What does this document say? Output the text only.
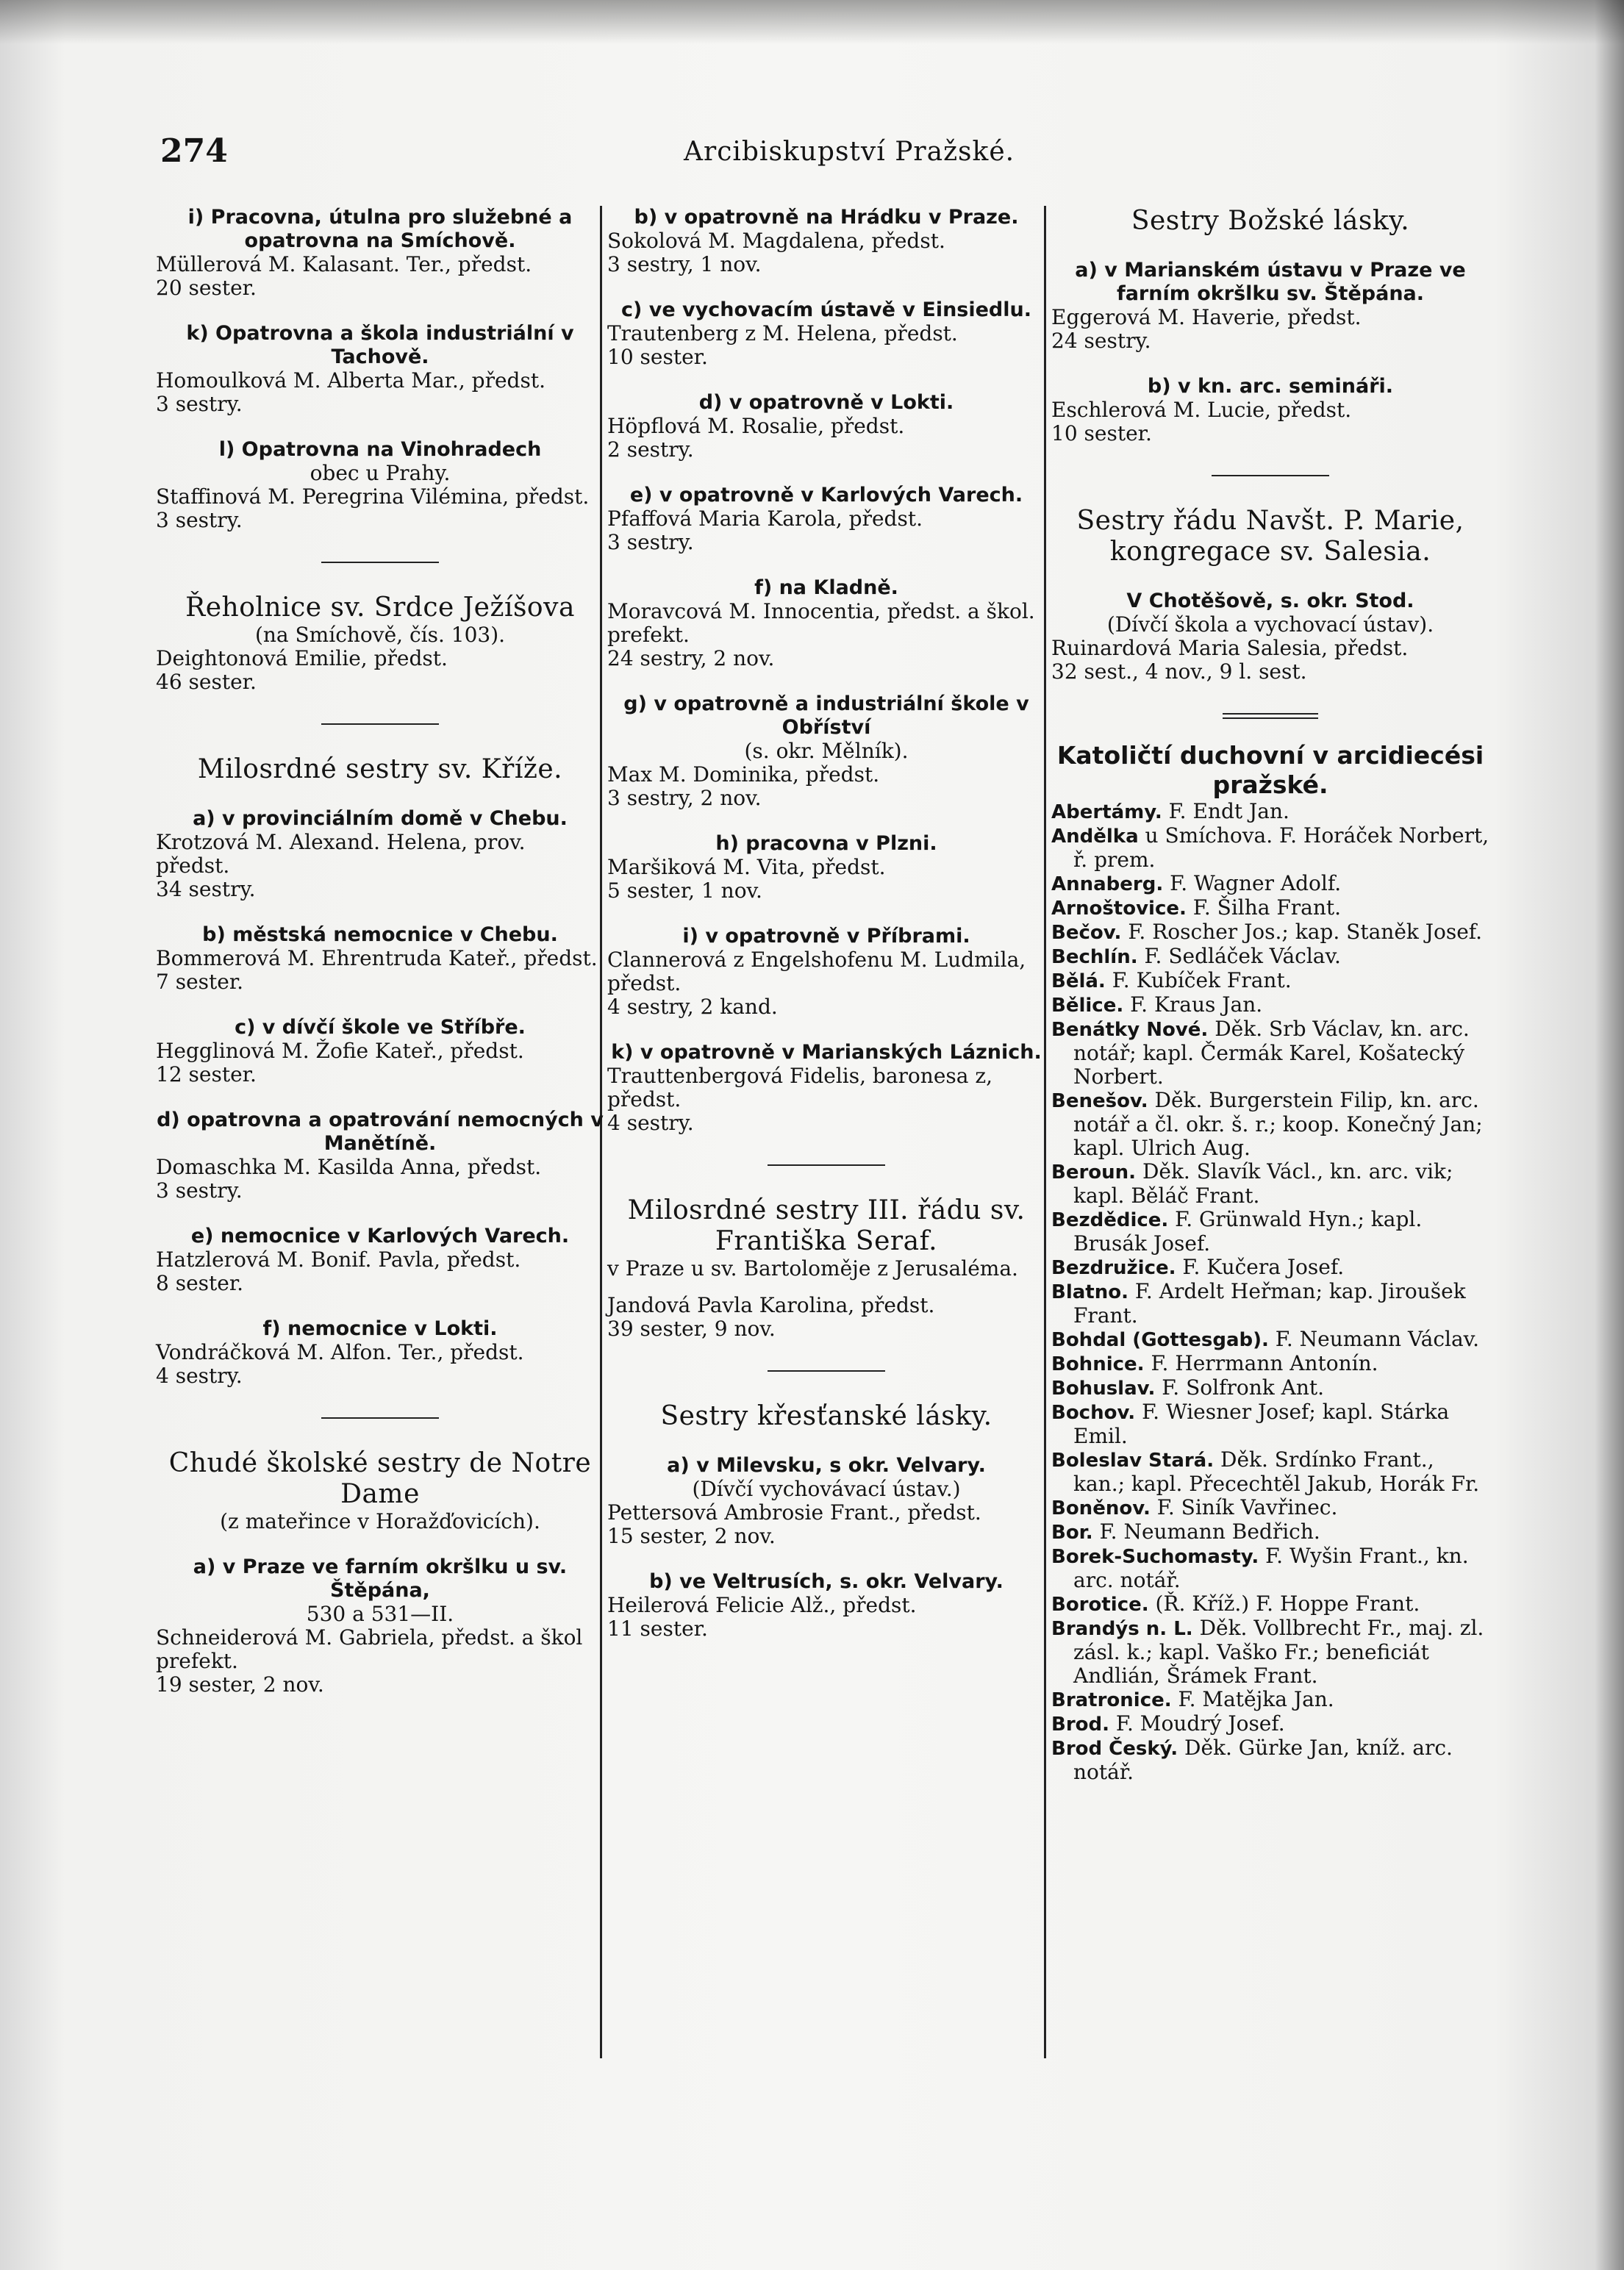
274	Arcibiskupství Pražské.
i) Pracovna, útulna pro služebné a opatrovna na Smíchově.
Müllerová M. Kalasant. Ter., předst.
20 sester.
k) Opatrovna a škola industriální v Tachově.
Homoulková M. Alberta Mar., předst.
3 sestry.
l) Opatrovna na Vinohradech
obec u Prahy.
Staffinová M. Peregrina Vilémina, předst.
3 sestry.
Řeholnice sv. Srdce Ježíšova
(na Smíchově, čís. 103).
Deightonová Emilie, předst.
46 sester.
Milosrdné sestry sv. Kříže.
a) v provinciálním domě v Chebu.
Krotzová M. Alexand. Helena, prov. předst.
34 sestry.
b) městská nemocnice v Chebu.
Bommerová M. Ehrentruda Kateř., předst.
7 sester.
c) v dívčí škole ve Stříbře.
Hegglinová M. Žofie Kateř., předst.
12 sester.
d) opatrovna a opatrování nemocných v Manětíně.
Domaschka M. Kasilda Anna, předst.
3 sestry.
e) nemocnice v Karlových Varech.
Hatzlerová M. Bonif. Pavla, předst.
8 sester.
f) nemocnice v Lokti.
Vondráčková M. Alfon. Ter., předst.
4 sestry.
Chudé školské sestry de Notre Dame
(z mateřince v Horažďovicích).
a) v Praze ve farním okršlku u sv. Štěpána,
530 a 531—II.
Schneiderová M. Gabriela, předst. a škol prefekt.
19 sester, 2 nov.
b) v opatrovně na Hrádku v Praze.
Sokolová M. Magdalena, předst.
3 sestry, 1 nov.
c) ve vychovacím ústavě v Einsiedlu.
Trautenberg z M. Helena, předst.
10 sester.
d) v opatrovně v Lokti.
Höpflová M. Rosalie, předst.
2 sestry.
e) v opatrovně v Karlových Varech.
Pfaffová Maria Karola, předst.
3 sestry.
f) na Kladně.
Moravcová M. Innocentia, předst. a škol. prefekt.
24 sestry, 2 nov.
g) v opatrovně a industriální škole v Obříství
(s. okr. Mělník).
Max M. Dominika, předst.
3 sestry, 2 nov.
h) pracovna v Plzni.
Maršiková M. Vita, předst.
5 sester, 1 nov.
i) v opatrovně v Příbrami.
Clannerová z Engelshofenu M. Ludmila, předst.
4 sestry, 2 kand.
k) v opatrovně v Marianských Láznich.
Trauttenbergová Fidelis, baronesa z, předst.
4 sestry.
Milosrdné sestry III. řádu sv. Františka Seraf.
v Praze u sv. Bartoloměje z Jerusaléma.
Jandová Pavla Karolina, předst.
39 sester, 9 nov.
Sestry křesťanské lásky.
a) v Milevsku, s okr. Velvary.
(Dívčí vychovávací ústav.)
Pettersová Ambrosie Frant., předst.
15 sester, 2 nov.
b) ve Veltrusích, s. okr. Velvary.
Heilerová Felicie Alž., předst.
11 sester.
Sestry Božské lásky.
a) v Marianském ústavu v Praze ve farním okršlku sv. Štěpána.
Eggerová M. Haverie, předst.
24 sestry.
b) v kn. arc. semináři.
Eschlerová M. Lucie, předst.
10 sester.
Sestry řádu Navšt. P. Marie, kongregace sv. Salesia.
V Chotěšově, s. okr. Stod.
(Dívčí škola a vychovací ústav).
Ruinardová Maria Salesia, předst.
32 sest., 4 nov., 9 l. sest.
Katoličtí duchovní v arcidiecési pražské.
Abertámy. F. Endt Jan.
Andělka u Smíchova. F. Horáček Norbert, ř. prem.
Annaberg. F. Wagner Adolf.
Arnoštovice. F. Šilha Frant.
Bečov. F. Roscher Jos.; kap. Staněk Josef.
Bechlín. F. Sedláček Václav.
Bělá. F. Kubíček Frant.
Bělice. F. Kraus Jan.
Benátky Nové. Děk. Srb Václav, kn. arc. notář; kapl. Čermák Karel, Košatecký Norbert.
Benešov. Děk. Burgerstein Filip, kn. arc. notář a čl. okr. š. r.; koop. Konečný Jan; kapl. Ulrich Aug.
Beroun. Děk. Slavík Václ., kn. arc. vik; kapl. Běláč Frant.
Bezdědice. F. Grünwald Hyn.; kapl. Brusák Josef.
Bezdružice. F. Kučera Josef.
Blatno. F. Ardelt Heřman; kap. Jiroušek Frant.
Bohdal (Gottesgab). F. Neumann Václav.
Bohnice. F. Herrmann Antonín.
Bohuslav. F. Solfronk Ant.
Bochov. F. Wiesner Josef; kapl. Stárka Emil.
Boleslav Stará. Děk. Srdínko Frant., kan.; kapl. Přecechtěl Jakub, Horák Fr.
Boněnov. F. Siník Vavřinec.
Bor. F. Neumann Bedřich.
Borek-Suchomasty. F. Wyšin Frant., kn. arc. notář.
Borotice. (Ř. Kříž.) F. Hoppe Frant.
Brandýs n. L. Děk. Vollbrecht Fr., maj. zl. zásl. k.; kapl. Vaško Fr.; beneficiát Andlián, Šrámek Frant.
Bratronice. F. Matějka Jan.
Brod. F. Moudrý Josef.
Brod Český. Děk. Gürke Jan, kníž. arc. notář.
